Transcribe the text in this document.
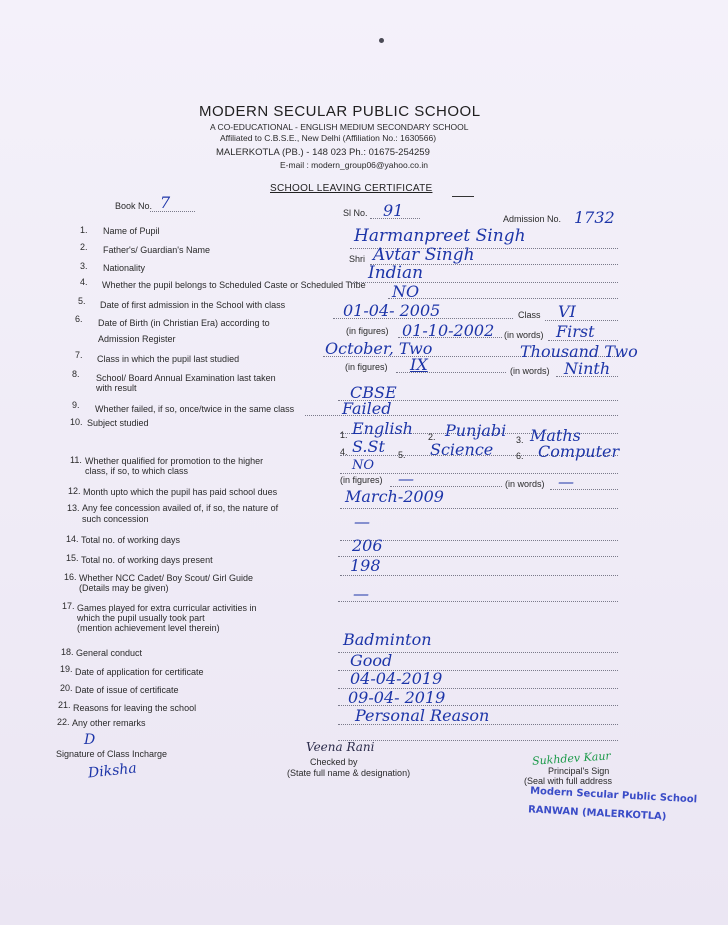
MODERN SECULAR PUBLIC SCHOOL
A CO-EDUCATIONAL - ENGLISH MEDIUM SECONDARY SCHOOL
Affiliated to C.B.S.E., New Delhi (Affiliation No.: 1630566)
MALERKOTLA (PB.) - 148 023 Ph.: 01675-254259
E-mail : modern_group06@yahoo.co.in
SCHOOL LEAVING CERTIFICATE
Book No. 7
Sl No. 91	Admission No. 1732
1. Name of Pupil	Harmanpreet Singh
2. Father's/ Guardian's Name
Shri Avtar Singh
3. Nationality	Indian
4. Whether the pupil belongs to Scheduled Caste or Scheduled Tribe NO
5. Date of first admission in the School with class	01-04- 2005	Class VI
6. Date of Birth (in Christian Era) according to
Admission Register
(in figures) 01-10-2002 (in words) First
October, Two	Thousand Two
7. Class in which the pupil last studied
(in figures) IX	(in words) Ninth
8. School/ Board Annual Examination last taken
with result	CBSE
9. Whether failed, if so, once/twice in the same class	Failed
10. Subject studied
1. English 2. Punjabi 3. Maths
4. S.St 5. Science	6. Computer
11. Whether qualified for promotion to the higher
class, if so, to which class	NO
(in figures) —	(in words) —
12. Month upto which the pupil has paid school dues	March-2009
13. Any fee concession availed of, if so, the nature of
such concession	—
14. Total no. of working days	206
15. Total no. of working days present	198
16. Whether NCC Cadet/ Boy Scout/ Girl Guide
(Details may be given)	—
17. Games played for extra curricular activities in
which the pupil usually took part
(mention achievement level therein)
Badminton
18. General conduct	Good
19. Date of application for certificate	04-04-2019
20. Date of issue of certificate	09-04- 2019
21. Reasons for leaving the school	Personal Reason
22. Any other remarks
D
Signature of Class Incharge
Diksha
Veena Rani
Checked by
(State full name & designation)
Sukhdev Kaur
Principal's Sign
(Seal with full address
Modern Secular Public School
RANWAN (MALERKOTLA)
